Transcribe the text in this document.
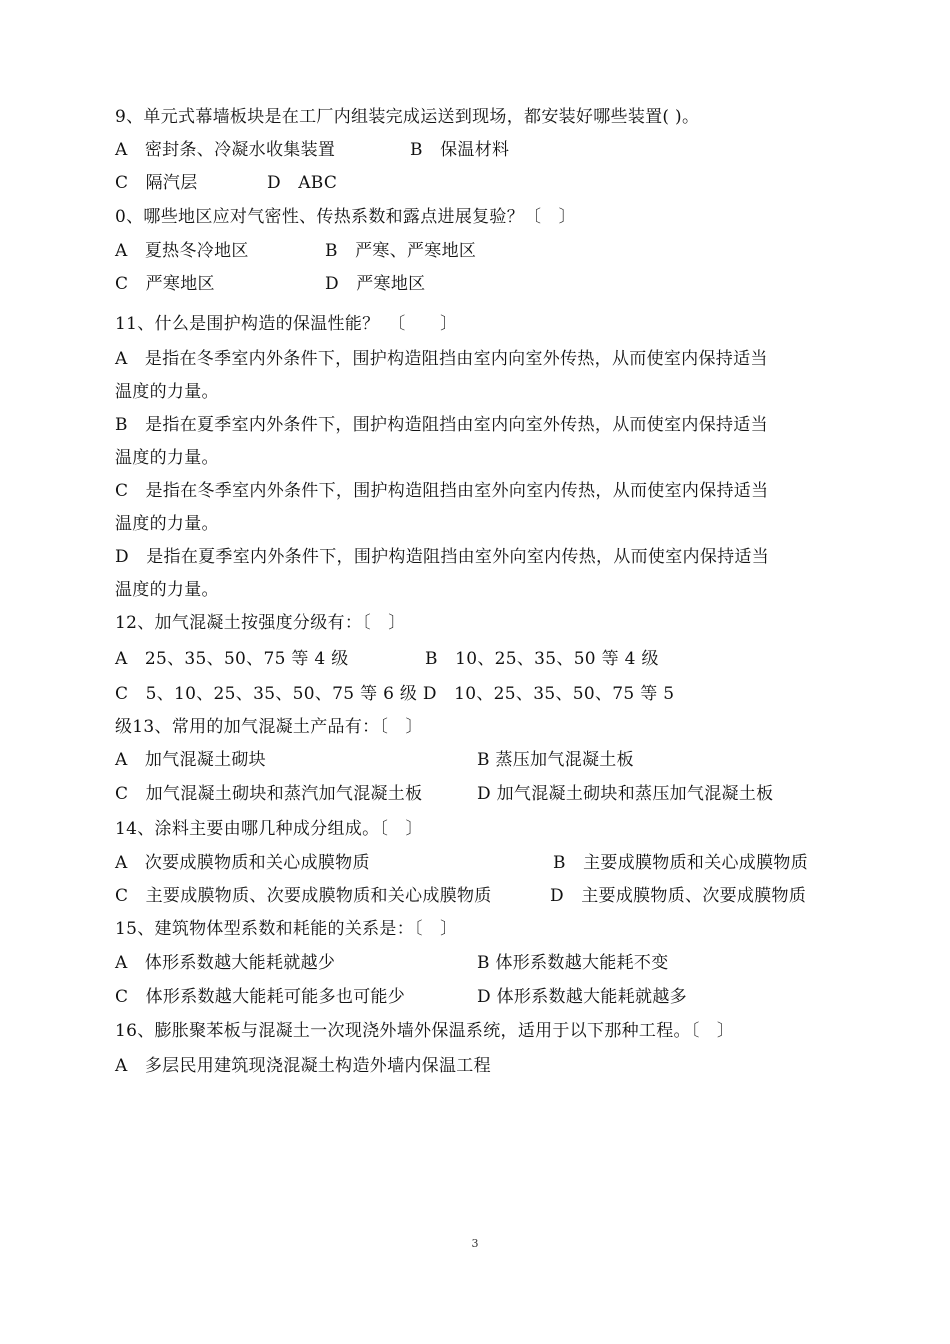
9、单元式幕墙板块是在工厂内组装完成运送到现场，都安装好哪些装置( )。
A　密封条、冷凝水收集装置	B　保温材料
C　隔汽层	D　ABC
0、哪些地区应对气密性、传热系数和露点进展复验？〔　〕
A　夏热冬冷地区	B　严寒、严寒地区
C　严寒地区	D　严寒地区
11、什么是围护构造的保温性能？　〔　　〕
A　是指在冬季室内外条件下，围护构造阻挡由室内向室外传热，从而使室内保持适当
温度的力量。
B　是指在夏季室内外条件下，围护构造阻挡由室内向室外传热，从而使室内保持适当
温度的力量。
C　是指在冬季室内外条件下，围护构造阻挡由室外向室内传热，从而使室内保持适当
温度的力量。
D　是指在夏季室内外条件下，围护构造阻挡由室外向室内传热，从而使室内保持适当
温度的力量。
12、加气混凝土按强度分级有：〔　〕
A　25、35、50、75 等 4 级	B　10、25、35、50 等 4 级
C　5、10、25、35、50、75 等 6 级 D　10、25、35、50、75 等 5
级13、常用的加气混凝土产品有：〔　〕
A　加气混凝土砌块	B 蒸压加气混凝土板
C　加气混凝土砌块和蒸汽加气混凝土板	D 加气混凝土砌块和蒸压加气混凝土板
14、涂料主要由哪几种成分组成。〔　〕
A　次要成膜物质和关心成膜物质	B　主要成膜物质和关心成膜物质
C　主要成膜物质、次要成膜物质和关心成膜物质	D　主要成膜物质、次要成膜物质
15、建筑物体型系数和耗能的关系是：〔　〕
A　体形系数越大能耗就越少	B 体形系数越大能耗不变
C　体形系数越大能耗可能多也可能少	D 体形系数越大能耗就越多
16、膨胀聚苯板与混凝土一次现浇外墙外保温系统，适用于以下那种工程。〔　〕
A　多层民用建筑现浇混凝土构造外墙内保温工程
3
